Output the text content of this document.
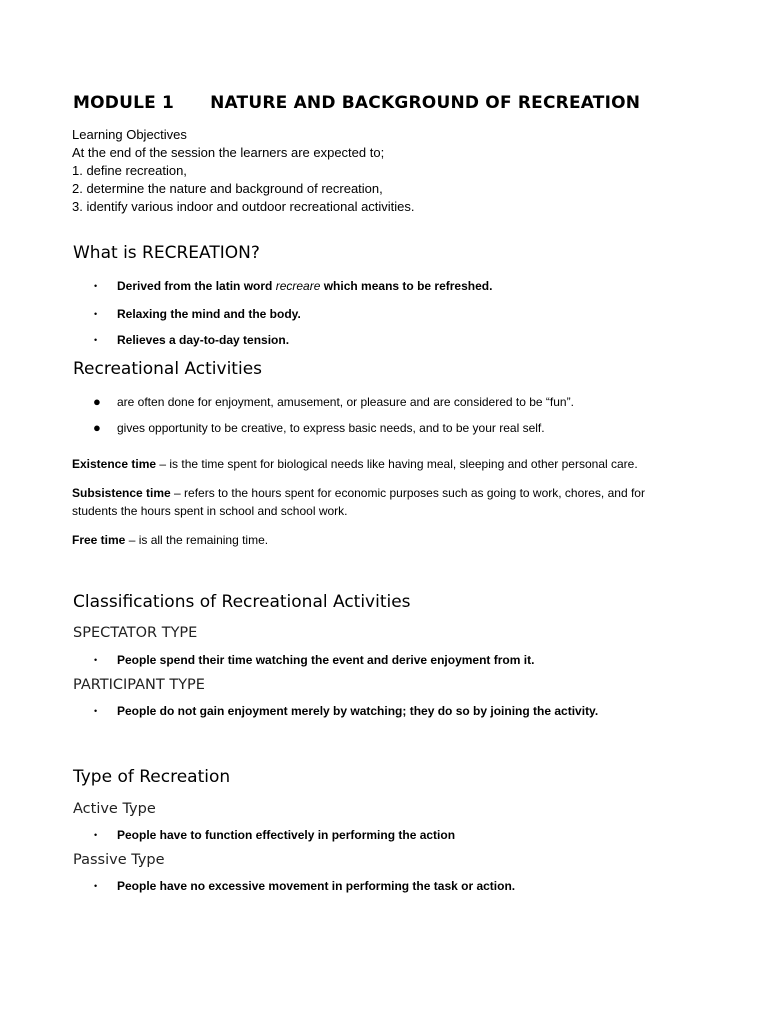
MODULE 1 NATURE AND BACKGROUND OF RECREATION
Learning Objectives
At the end of the session the learners are expected to;
1. define recreation,
2. determine the nature and background of recreation,
3. identify various indoor and outdoor recreational activities.
What is RECREATION?
• Derived from the latin word recreare which means to be refreshed.
• Relaxing the mind and the body.
• Relieves a day-to-day tension.
Recreational Activities
● are often done for enjoyment, amusement, or pleasure and are considered to be “fun”.
● gives opportunity to be creative, to express basic needs, and to be your real self.
Existence time – is the time spent for biological needs like having meal, sleeping and other personal care.
Subsistence time – refers to the hours spent for economic purposes such as going to work, chores, and for
students the hours spent in school and school work.
Free time – is all the remaining time.
Classifications of Recreational Activities
SPECTATOR TYPE
• People spend their time watching the event and derive enjoyment from it.
PARTICIPANT TYPE
• People do not gain enjoyment merely by watching; they do so by joining the activity.
Type of Recreation
Active Type
• People have to function effectively in performing the action
Passive Type
• People have no excessive movement in performing the task or action.
